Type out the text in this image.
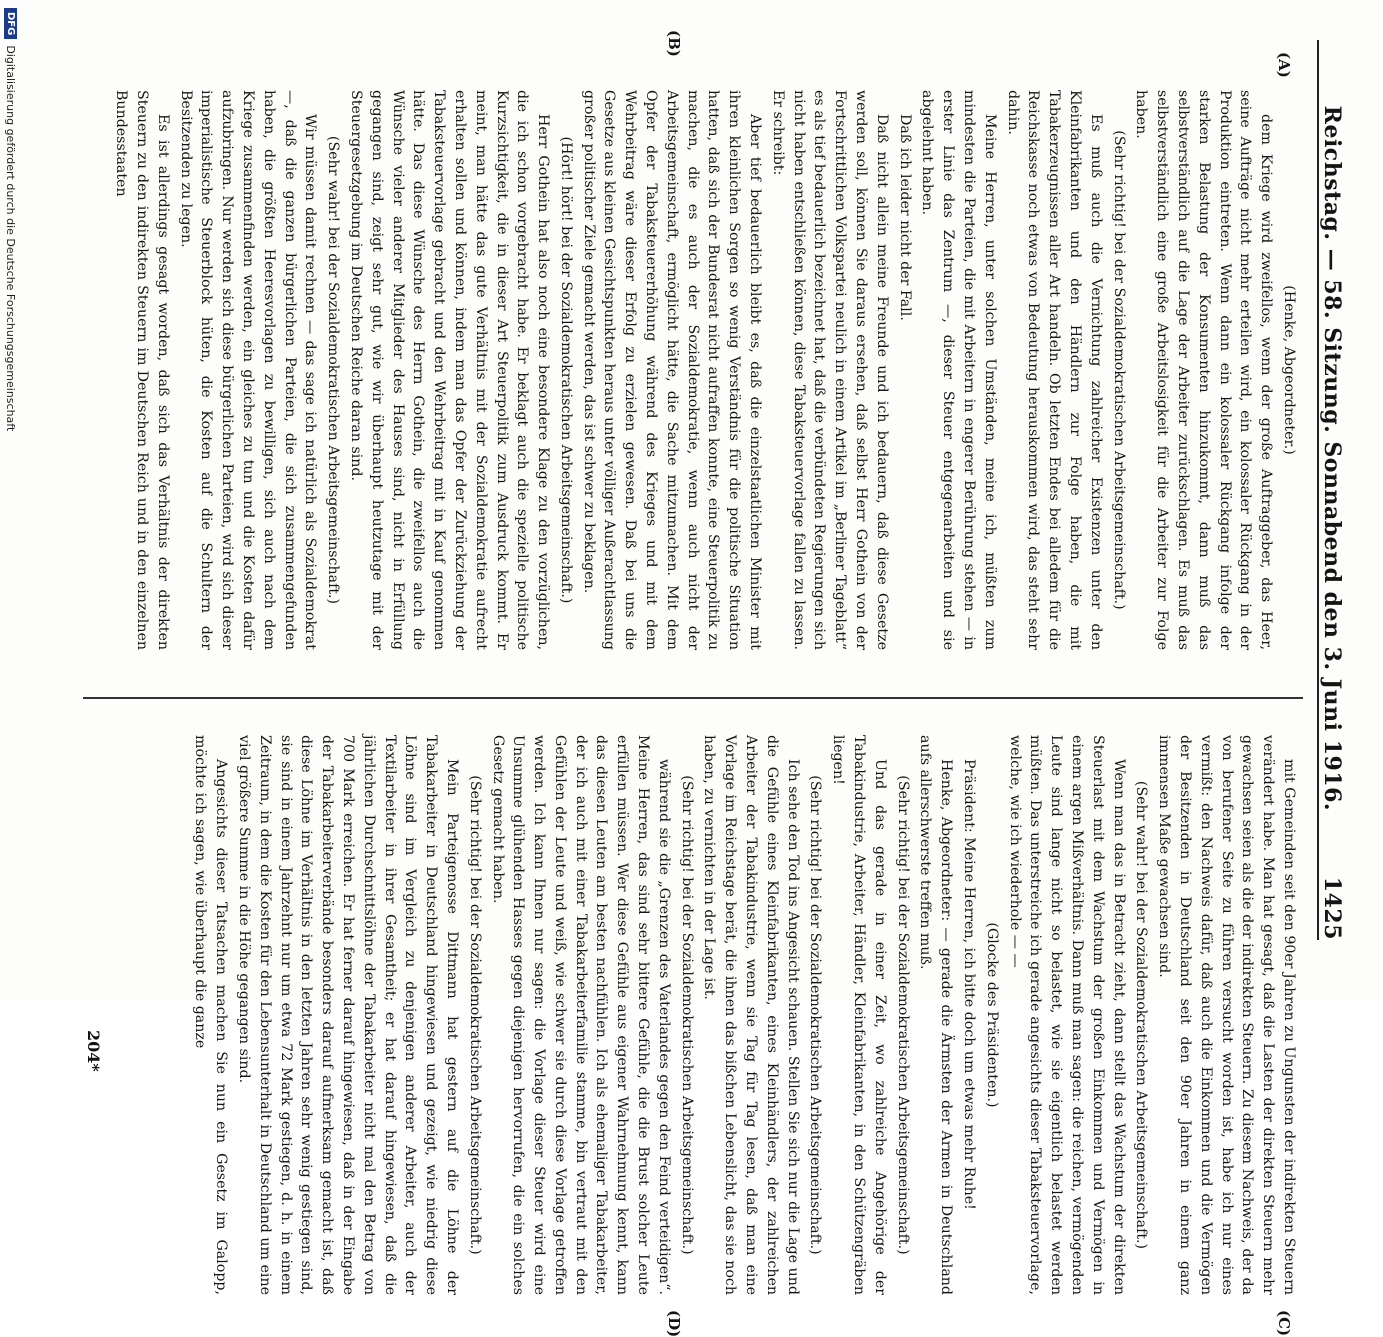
Reichstag. — 58. Sitzung. Sonnabend den 3. Juni 1916.
1425
(A)
(B)
(C)
(D)

(Henke, Abgeordneter.)

dem Kriege wird zweifellos, wenn der große Auftraggeber, das Heer, seine Aufträge nicht mehr erteilen wird, ein kolossaler Rückgang in der Produktion eintreten. Wenn dann ein kolossaler Rückgang infolge der starken Belastung der Konsumenten hinzukommt, dann muß das selbstverständlich auf die Lage der Arbeiter zurückschlagen. Es muß das selbstverständlich eine große Arbeitslosigkeit für die Arbeiter zur Folge haben.

(Sehr richtig! bei der Sozialdemokratischen Arbeitsgemeinschaft.)

Es muß auch die Vernichtung zahlreicher Existenzen unter den Kleinfabrikanten und den Händlern zur Folge haben, die mit Tabakerzeugnissen aller Art handeln. Ob letzten Endes bei alledem für die Reichskasse noch etwas von Bedeutung herauskommen wird, das steht sehr dahin.

Meine Herren, unter solchen Umständen, meine ich, müßten zum mindesten die Parteien, die mit Arbeitern in engerer Berührung stehen — in erster Linie das Zentrum —, dieser Steuer entgegenarbeiten und sie abgelehnt haben.

Daß ich leider nicht der Fall.

Daß nicht allein meine Freunde und ich bedauern, daß diese Gesetze werden soll, können Sie daraus ersehen, daß selbst Herr Gothein von der Fortschrittlichen Volkspartei neulich in einem Artikel im „Berliner Tageblatt“ es als tief bedauerlich bezeichnet hat, daß die verbündeten Regierungen sich nicht haben entschließen können, diese Tabaksteuervorlage fallen zu lassen. Er schreibt:

Aber tief bedauerlich bleibt es, daß die einzelstaatlichen Minister mit ihren kleinlichen Sorgen so wenig Verständnis für die politische Situation hatten, daß sich der Bundesrat nicht aufraffen konnte, eine Steuerpolitik zu machen, die es auch der Sozialdemokratie, wenn auch nicht der Arbeitsgemeinschaft, ermöglicht hätte, die Sache mitzumachen. Mit dem Opfer der Tabaksteuererhöhung während des Krieges und mit dem Wehrbeitrag wäre dieser Erfolg zu erzielen gewesen. Daß bei uns die Gesetze aus kleinen Gesichtspunkten heraus unter völliger Außerachtlassung großer politischer Ziele gemacht werden, das ist schwer zu beklagen.

(Hört! hört! bei der Sozialdemokratischen Arbeitsgemeinschaft.)

Herr Gothein hat also noch eine besondere Klage zu den vorzüglichen, die ich schon vorgebracht habe. Er beklagt auch die spezielle politische Kurzsichtigkeit, die in dieser Art Steuerpolitik zum Ausdruck kommt. Er meint, man hätte das gute Verhältnis mit der Sozialdemokratie aufrecht erhalten sollen und können, indem man das Opfer der Zurückziehung der Tabaksteuervorlage gebracht und den Wehrbeitrag mit in Kauf genommen hätte. Das diese Wünsche des Herrn Gothein, die zweifellos auch die Wünsche vieler anderer Mitglieder des Hauses sind, nicht in Erfüllung gegangen sind, zeigt sehr gut, wie wir überhaupt heutzutage mit der Steuergesetzgebung im Deutschen Reiche daran sind.

(Sehr wahr! bei der Sozialdemokratischen Arbeitsgemeinschaft.)

Wir müssen damit rechnen — das sage ich natürlich als Sozialdemokrat —, daß die ganzen bürgerlichen Parteien, die sich zusammengefunden haben, die größten Heeresvorlagen zu bewilligen, sich auch nach dem Kriege zusammenfinden werden, ein gleiches zu tun und die Kosten dafür aufzubringen. Nur werden sich diese bürgerlichen Parteien, wird sich dieser imperialistische Steuerblock hüten, die Kosten auf die Schultern der Besitzenden zu legen.

Es ist allerdings gesagt worden, daß sich das Verhältnis der direkten Steuern zu den indirekten Steuern im Deutschen Reich und in den einzelnen Bundesstaaten

mit Gemeinden seit den 90er Jahren zu Ungunsten der indirekten Steuern verändert habe. Man hat gesagt, daß die Lasten der direkten Steuern mehr gewachsen seien als die der indirekten Steuern. Zu diesem Nachweis, der da von berufener Seite zu führen versucht worden ist, habe ich nur eines vermißt: den Nachweis dafür, daß auch die Einkommen und die Vermögen der Besitzenden in Deutschland seit den 90er Jahren in einem ganz immensen Maße gewachsen sind.

(Sehr wahr! bei der Sozialdemokratischen Arbeitsgemeinschaft.)

Wenn man das in Betracht zieht, dann stellt das Wachstum der direkten Steuerlast mit dem Wachstum der großen Einkommen und Vermögen in einem argen Mißverhältnis. Dann muß man sagen: die reichen, vermögenden Leute sind lange nicht so belastet, wie sie eigentlich belastet werden müßten. Das unterstreiche ich gerade angesichts dieser Tabaksteuervorlage, welche, wie ich wiederhole — —

(Glocke des Präsidenten.)

Präsident: Meine Herren, ich bitte doch um etwas mehr Ruhe!

Henke, Abgeordneter: — gerade die Ärmsten der Armen in Deutschland aufs allerschwerste treffen muß.

(Sehr richtig! bei der Sozialdemokratischen Arbeitsgemeinschaft.)

Und das gerade in einer Zeit, wo zahlreiche Angehörige der Tabakindustrie, Arbeiter, Händler, Kleinfabrikanten, in den Schützengräben liegen!

(Sehr richtig! bei der Sozialdemokratischen Arbeitsgemeinschaft.)

Ich sehe den Tod ins Angesicht schauen. Stellen Sie sich nur die Lage und die Gefühle eines Kleinfabrikanten, eines Kleinhändlers, der zahlreichen Arbeiter der Tabakindustrie, wenn sie Tag für Tag lesen, daß man eine Vorlage im Reichstage berät, die ihnen das bißchen Lebenslicht, das sie noch haben, zu vernichten in der Lage ist.

(Sehr richtig! bei der Sozialdemokratischen Arbeitsgemeinschaft.)

während sie die „Grenzen des Vaterlandes gegen den Feind verteidigen“. Meine Herren, das sind sehr bittere Gefühle, die die Brust solcher Leute erfüllen müssen. Wer diese Gefühle aus eigener Wahrnehmung kennt, kann das diesen Leuten am besten nachfühlen. Ich als ehemaliger Tabakarbeiter, der ich auch mit einer Tabakarbeiterfamilie stamme, bin vertraut mit den Gefühlen der Leute und weiß, wie schwer sie durch diese Vorlage getroffen werden. Ich kann Ihnen nur sagen: die Vorlage dieser Steuer wird eine Unsumme glühenden Hasses gegen diejenigen hervorrufen, die ein solches Gesetz gemacht haben.

(Sehr richtig! bei der Sozialdemokratischen Arbeitsgemeinschaft.)

Mein Parteigenosse Dittmann hat gestern auf die Löhne der Tabakarbeiter in Deutschland hingewiesen und gezeigt, wie niedrig diese Löhne sind im Vergleich zu denjenigen anderer Arbeiter, auch der Textilarbeiter in ihrer Gesamtheit; er hat darauf hingewiesen, daß die jährlichen Durchschnittslöhne der Tabakarbeiter nicht mal den Betrag von 700 Mark erreichen. Er hat ferner darauf hingewiesen, daß in der Eingabe der Tabakarbeiterverbände besonders darauf aufmerksam gemacht ist, daß diese Löhne im Verhältnis in den letzten Jahren sehr wenig gestiegen sind, sie sind in einem Jahrzehnt nur um etwa 72 Mark gestiegen, d. h. in einem Zeitraum, in dem die Kosten für den Lebensunterhalt in Deutschland um eine viel größere Summe in die Höhe gegangen sind.

Angesichts dieser Tatsachen machen Sie nun ein Gesetz im Galopp, möchte ich sagen, wie überhaupt die ganze

204*
DFG
Digitalisierung gefördert durch die Deutsche Forschungsgemeinschaft
